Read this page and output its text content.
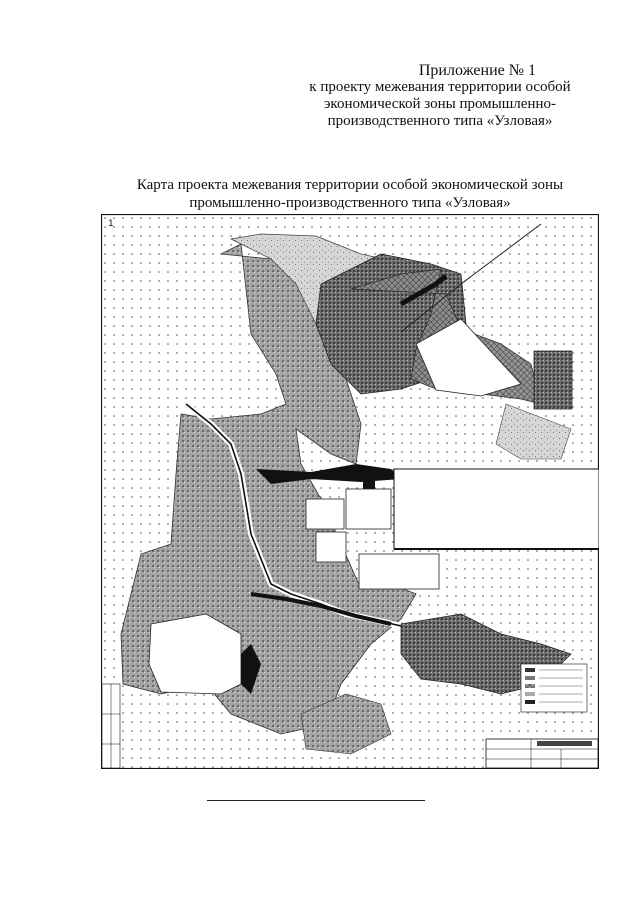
Приложение № 1
к проекту межевания территории особой
экономической зоны промышленно-
производственного типа «Узловая»
Карта проекта межевания территории особой экономической зоны
промышленно-производственного типа «Узловая»
1
